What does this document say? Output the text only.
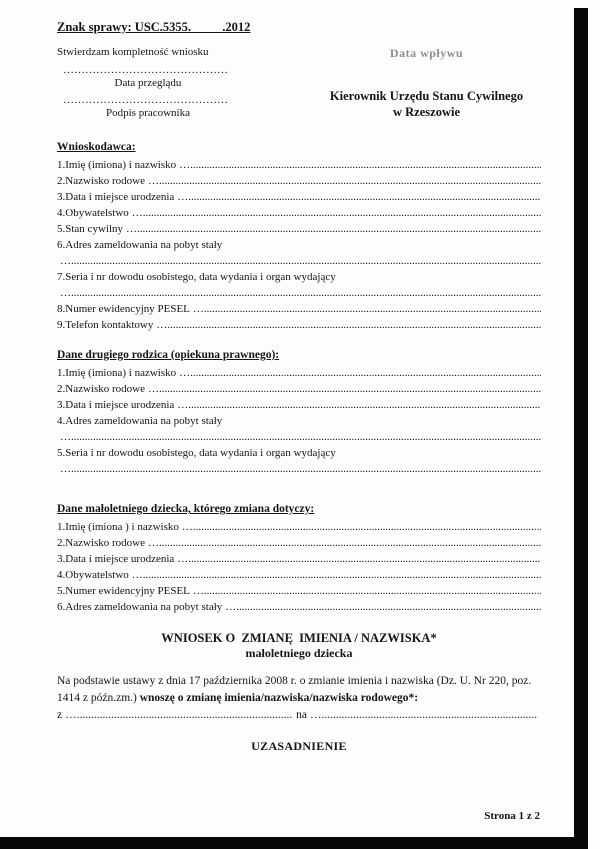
Znak sprawy: USC.5355.          .2012
Stwierdzam kompletność wniosku
………………………………………
Data przeglądu
………………………………………
Podpis pracownika
Data wpływu
Kierownik Urzędu Stanu Cywilnego
w Rzeszowie
Wnioskodawca:
1.Imię (imiona) i nazwisko
…...............................................................................................................................................................................
2.Nazwisko rodowe
…...............................................................................................................................................................................
3.Data i miejsce urodzenia
…...............................................................................................................................................................................
4.Obywatelstwo
…...............................................................................................................................................................................
5.Stan cywilny
…...............................................................................................................................................................................
6.Adres zameldowania na pobyt stały
…...............................................................................................................................................................................
7.Seria i nr dowodu osobistego, data wydania i organ wydający
…...............................................................................................................................................................................
8.Numer ewidencyjny PESEL
…...............................................................................................................................................................................
9.Telefon kontaktowy
…...............................................................................................................................................................................
Dane drugiego rodzica (opiekuna prawnego):
1.Imię (imiona) i nazwisko
…...............................................................................................................................................................................
2.Nazwisko rodowe
…...............................................................................................................................................................................
3.Data i miejsce urodzenia
…...............................................................................................................................................................................
4.Adres zameldowania na pobyt stały
…...............................................................................................................................................................................
5.Seria i nr dowodu osobistego, data wydania i organ wydający
…...............................................................................................................................................................................
Dane małoletniego dziecka, którego zmiana dotyczy:
1.Imię (imiona ) i nazwisko
…...............................................................................................................................................................................
2.Nazwisko rodowe
…...............................................................................................................................................................................
3.Data i miejsce urodzenia
…...............................................................................................................................................................................
4.Obywatelstwo
…...............................................................................................................................................................................
5.Numer ewidencyjny PESEL
…...............................................................................................................................................................................
6.Adres zameldowania na pobyt stały
…...............................................................................................................................................................................
WNIOSEK O  ZMIANĘ  IMIENIA / NAZWISKA*
małoletniego dziecka

Na podstawie ustawy z dnia 17 października 2008 r. o zmianie imienia i nazwiska (Dz. U. Nr 220, poz. 1414 z późn.zm.) wnoszę o zmianę imienia/nazwiska/nazwiska rodowego*:

z …...............................................................................................................................................................................	na
…...............................................................................................................................................................................
UZASADNIENIE
Strona 1 z 2
